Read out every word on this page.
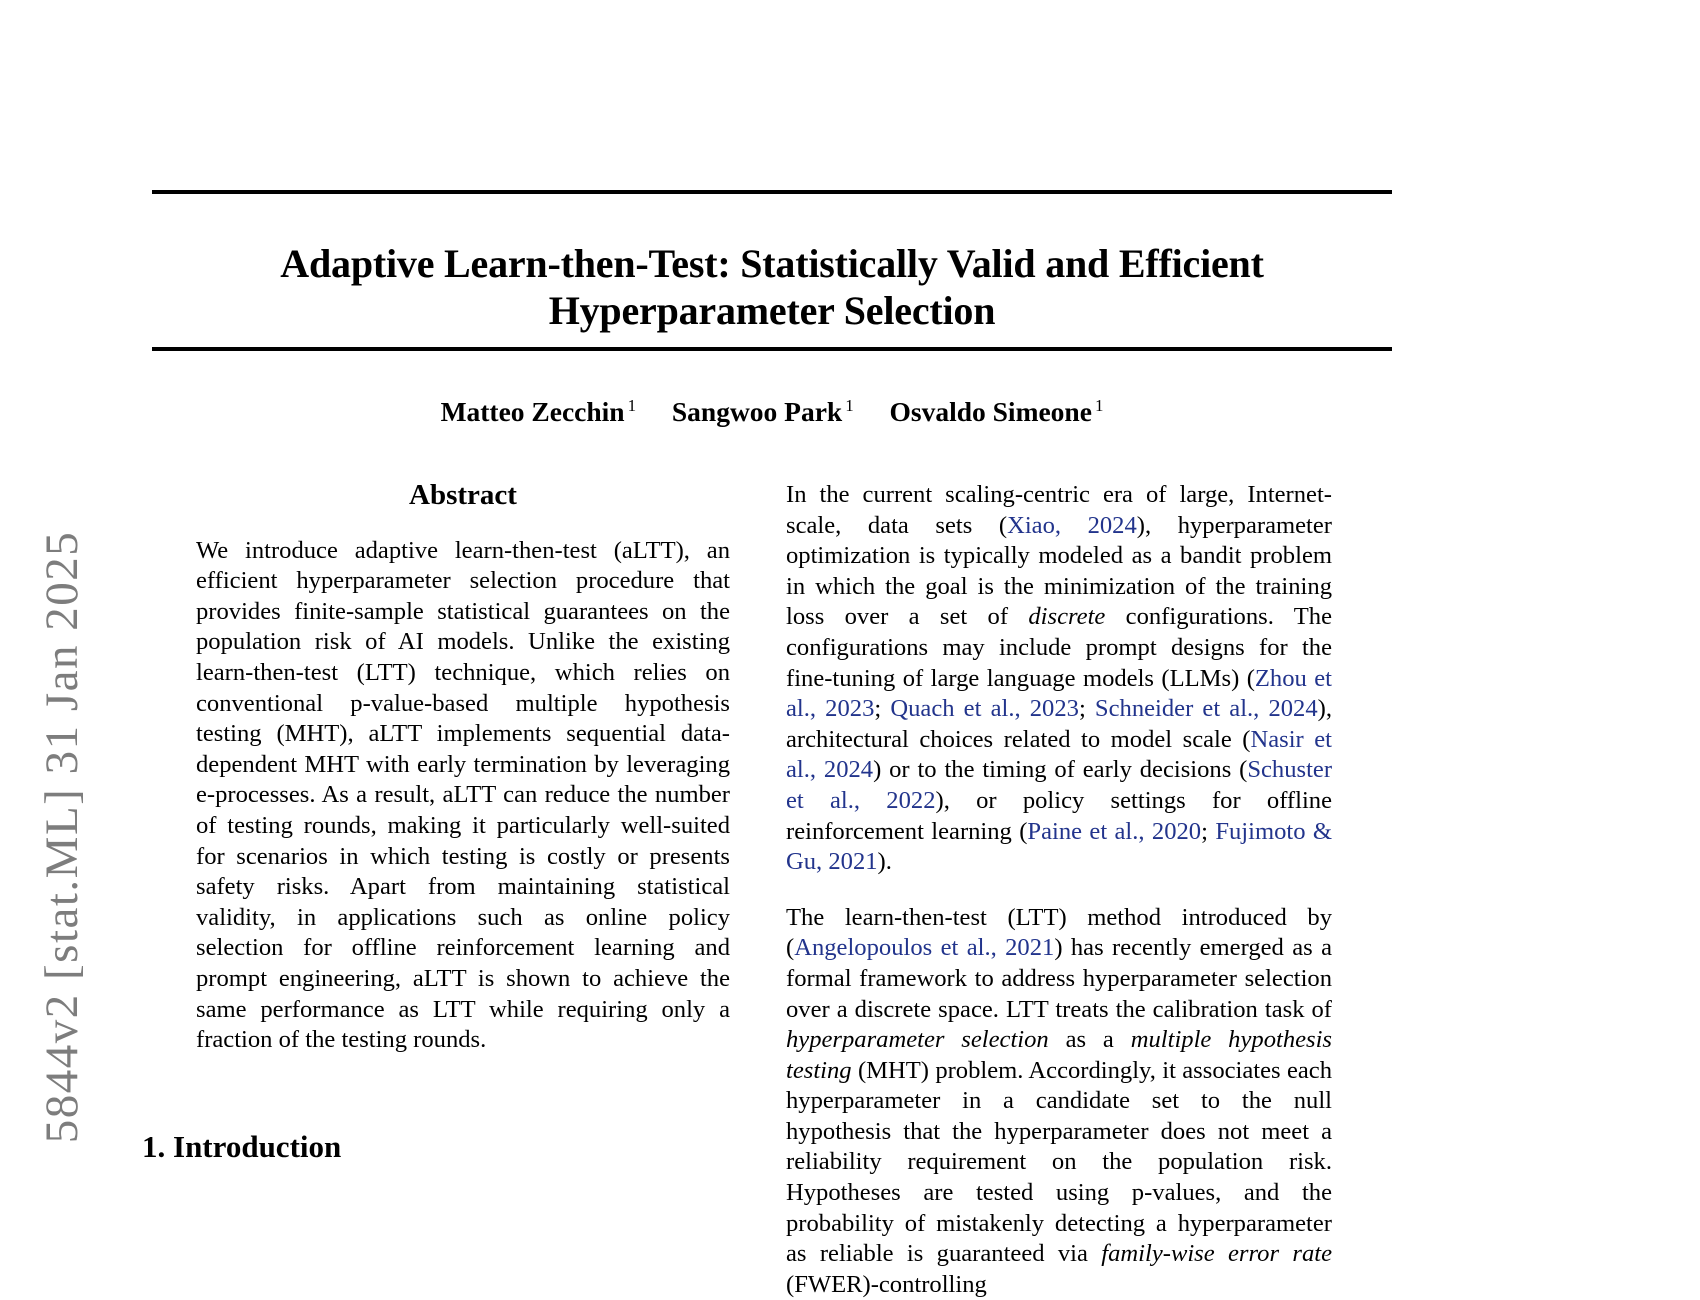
5844v2 [stat.ML] 31 Jan 2025
Adaptive Learn-then-Test: Statistically Valid and Efficient Hyperparameter Selection
Matteo Zecchin $^1$ Sangwoo Park $^1$ Osvaldo Simeone $^1$
Abstract

We introduce adaptive learn-then-test (aLTT), an efficient hyperparameter selection procedure that provides finite-sample statistical guarantees on the population risk of AI models. Unlike the existing learn-then-test (LTT) technique, which relies on conventional p-value-based multiple hypothesis testing (MHT), aLTT implements sequential data-dependent MHT with early termination by leveraging e-processes. As a result, aLTT can reduce the number of testing rounds, making it particularly well-suited for scenarios in which testing is costly or presents safety risks. Apart from maintaining statistical validity, in applications such as online policy selection for offline reinforcement learning and prompt engineering, aLTT is shown to achieve the same performance as LTT while requiring only a fraction of the testing rounds.

1. Introduction

In the current scaling-centric era of large, Internet-scale, data sets (Xiao, 2024), hyperparameter optimization is typically modeled as a bandit problem in which the goal is the minimization of the training loss over a set of discrete configurations. The configurations may include prompt designs for the fine-tuning of large language models (LLMs) (Zhou et al., 2023; Quach et al., 2023; Schneider et al., 2024), architectural choices related to model scale (Nasir et al., 2024) or to the timing of early decisions (Schuster et al., 2022), or policy settings for offline reinforcement learning (Paine et al., 2020; Fujimoto & Gu, 2021).

The learn-then-test (LTT) method introduced by (Angelopoulos et al., 2021) has recently emerged as a formal framework to address hyperparameter selection over a discrete space. LTT treats the calibration task of hyperparameter selection as a multiple hypothesis testing (MHT) problem. Accordingly, it associates each hyperparameter in a candidate set to the null hypothesis that the hyperparameter does not meet a reliability requirement on the population risk. Hypotheses are tested using p-values, and the probability of mistakenly detecting a hyperparameter as reliable is guaranteed via family-wise error rate (FWER)-controlling
